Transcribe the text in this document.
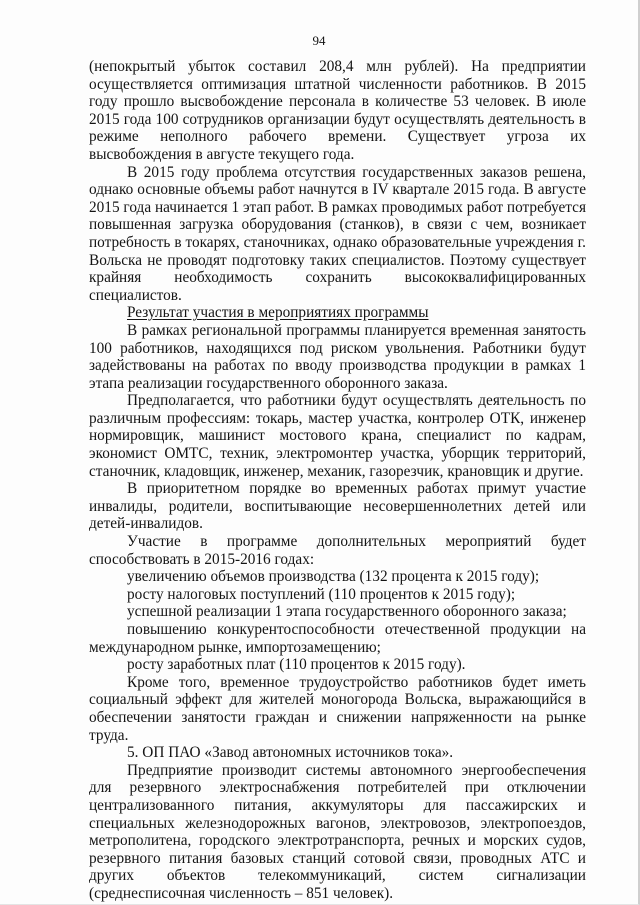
94

(непокрытый убыток составил 208,4 млн рублей). На предприятии осуществляется оптимизация штатной численности работников. В 2015 году прошло высвобождение персонала в количестве 53 человек. В июле 2015 года 100 сотрудников организации будут осуществлять деятельность в режиме неполного рабочего времени. Существует угроза их высвобождения в августе текущего года.

В 2015 году проблема отсутствия государственных заказов решена, однако основные объемы работ начнутся в IV квартале 2015 года. В августе 2015 года начинается 1 этап работ. В рамках проводимых работ потребуется повышенная загрузка оборудования (станков), в связи с чем, возникает потребность в токарях, станочниках, однако образовательные учреждения г. Вольска не проводят подготовку таких специалистов. Поэтому существует крайняя необходимость сохранить высококвалифицированных специалистов.

Результат участия в мероприятиях программы

В рамках региональной программы планируется временная занятость 100 работников, находящихся под риском увольнения. Работники будут задействованы на работах по вводу производства продукции в рамках 1 этапа реализации государственного оборонного заказа.

Предполагается, что работники будут осуществлять деятельность по различным профессиям: токарь, мастер участка, контролер ОТК, инженер нормировщик, машинист мостового крана, специалист по кадрам, экономист ОМТС, техник, электромонтер участка, уборщик территорий, станочник, кладовщик, инженер, механик, газорезчик, крановщик и другие.

В приоритетном порядке во временных работах примут участие инвалиды, родители, воспитывающие несовершеннолетних детей или детей-инвалидов.

Участие в программе дополнительных мероприятий будет способствовать в 2015-2016 годах:

увеличению объемов производства (132 процента к 2015 году);

росту налоговых поступлений (110 процентов к 2015 году);

успешной реализации 1 этапа государственного оборонного заказа;

повышению конкурентоспособности отечественной продукции на международном рынке, импортозамещению;

росту заработных плат (110 процентов к 2015 году).

Кроме того, временное трудоустройство работников будет иметь социальный эффект для жителей моногорода Вольска, выражающийся в обеспечении занятости граждан и снижении напряженности на рынке труда.

5. ОП ПАО «Завод автономных источников тока».

Предприятие производит системы автономного энергообеспечения для резервного электроснабжения потребителей при отключении централизованного питания, аккумуляторы для пассажирских и специальных железнодорожных вагонов, электровозов, электропоездов, метрополитена, городского электротранспорта, речных и морских судов, резервного питания базовых станций сотовой связи, проводных АТС и других объектов телекоммуникаций, систем сигнализации (среднесписочная численность – 851 человек).
